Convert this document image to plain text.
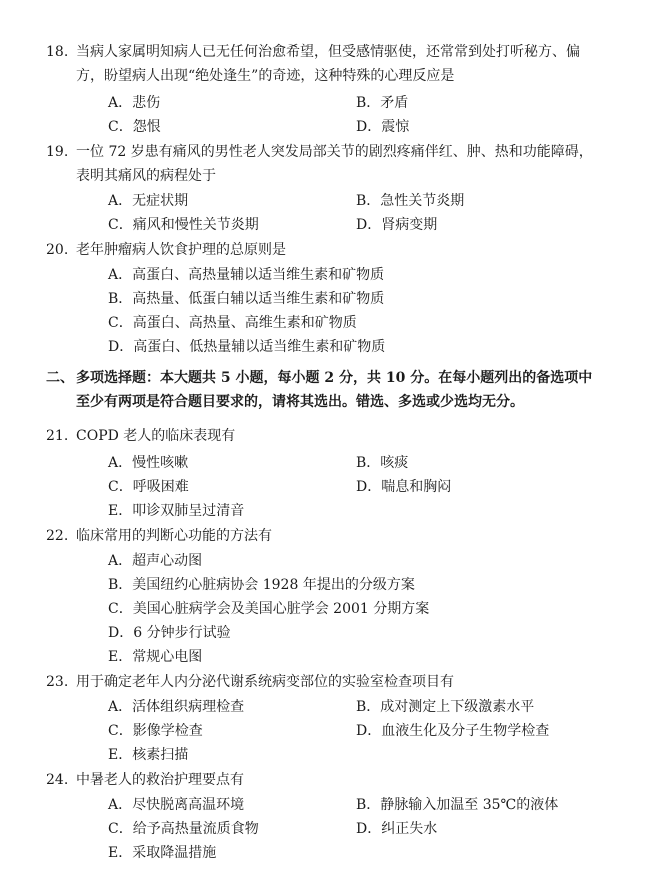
18. 当病人家属明知病人已无任何治愈希望，但受感情驱使，还常常到处打听秘方、偏
方，盼望病人出现“绝处逢生”的奇迹，这种特殊的心理反应是
A．悲伤	B．矛盾
C．怨恨	D．震惊
19. 一位 72 岁患有痛风的男性老人突发局部关节的剧烈疼痛伴红、肿、热和功能障碍，
表明其痛风的病程处于
A．无症状期	B．急性关节炎期
C．痛风和慢性关节炎期	D．肾病变期
20. 老年肿瘤病人饮食护理的总原则是
A．高蛋白、高热量辅以适当维生素和矿物质
B．高热量、低蛋白辅以适当维生素和矿物质
C．高蛋白、高热量、高维生素和矿物质
D．高蛋白、低热量辅以适当维生素和矿物质
二、 多项选择题：本大题共 5 小题，每小题 2 分，共 10 分。在每小题列出的备选项中
至少有两项是符合题目要求的，请将其选出。错选、多选或少选均无分。
21. COPD 老人的临床表现有
A．慢性咳嗽	B．咳痰
C．呼吸困难	D．喘息和胸闷
E．叩诊双肺呈过清音
22. 临床常用的判断心功能的方法有
A．超声心动图
B．美国纽约心脏病协会 1928 年提出的分级方案
C．美国心脏病学会及美国心脏学会 2001 分期方案
D．6 分钟步行试验
E．常规心电图
23. 用于确定老年人内分泌代谢系统病变部位的实验室检查项目有
A．活体组织病理检查	B．成对测定上下级激素水平
C．影像学检查	D．血液生化及分子生物学检查
E．核素扫描
24. 中暑老人的救治护理要点有
A．尽快脱离高温环境	B．静脉输入加温至 35℃的液体
C．给予高热量流质食物	D．纠正失水
E．采取降温措施
